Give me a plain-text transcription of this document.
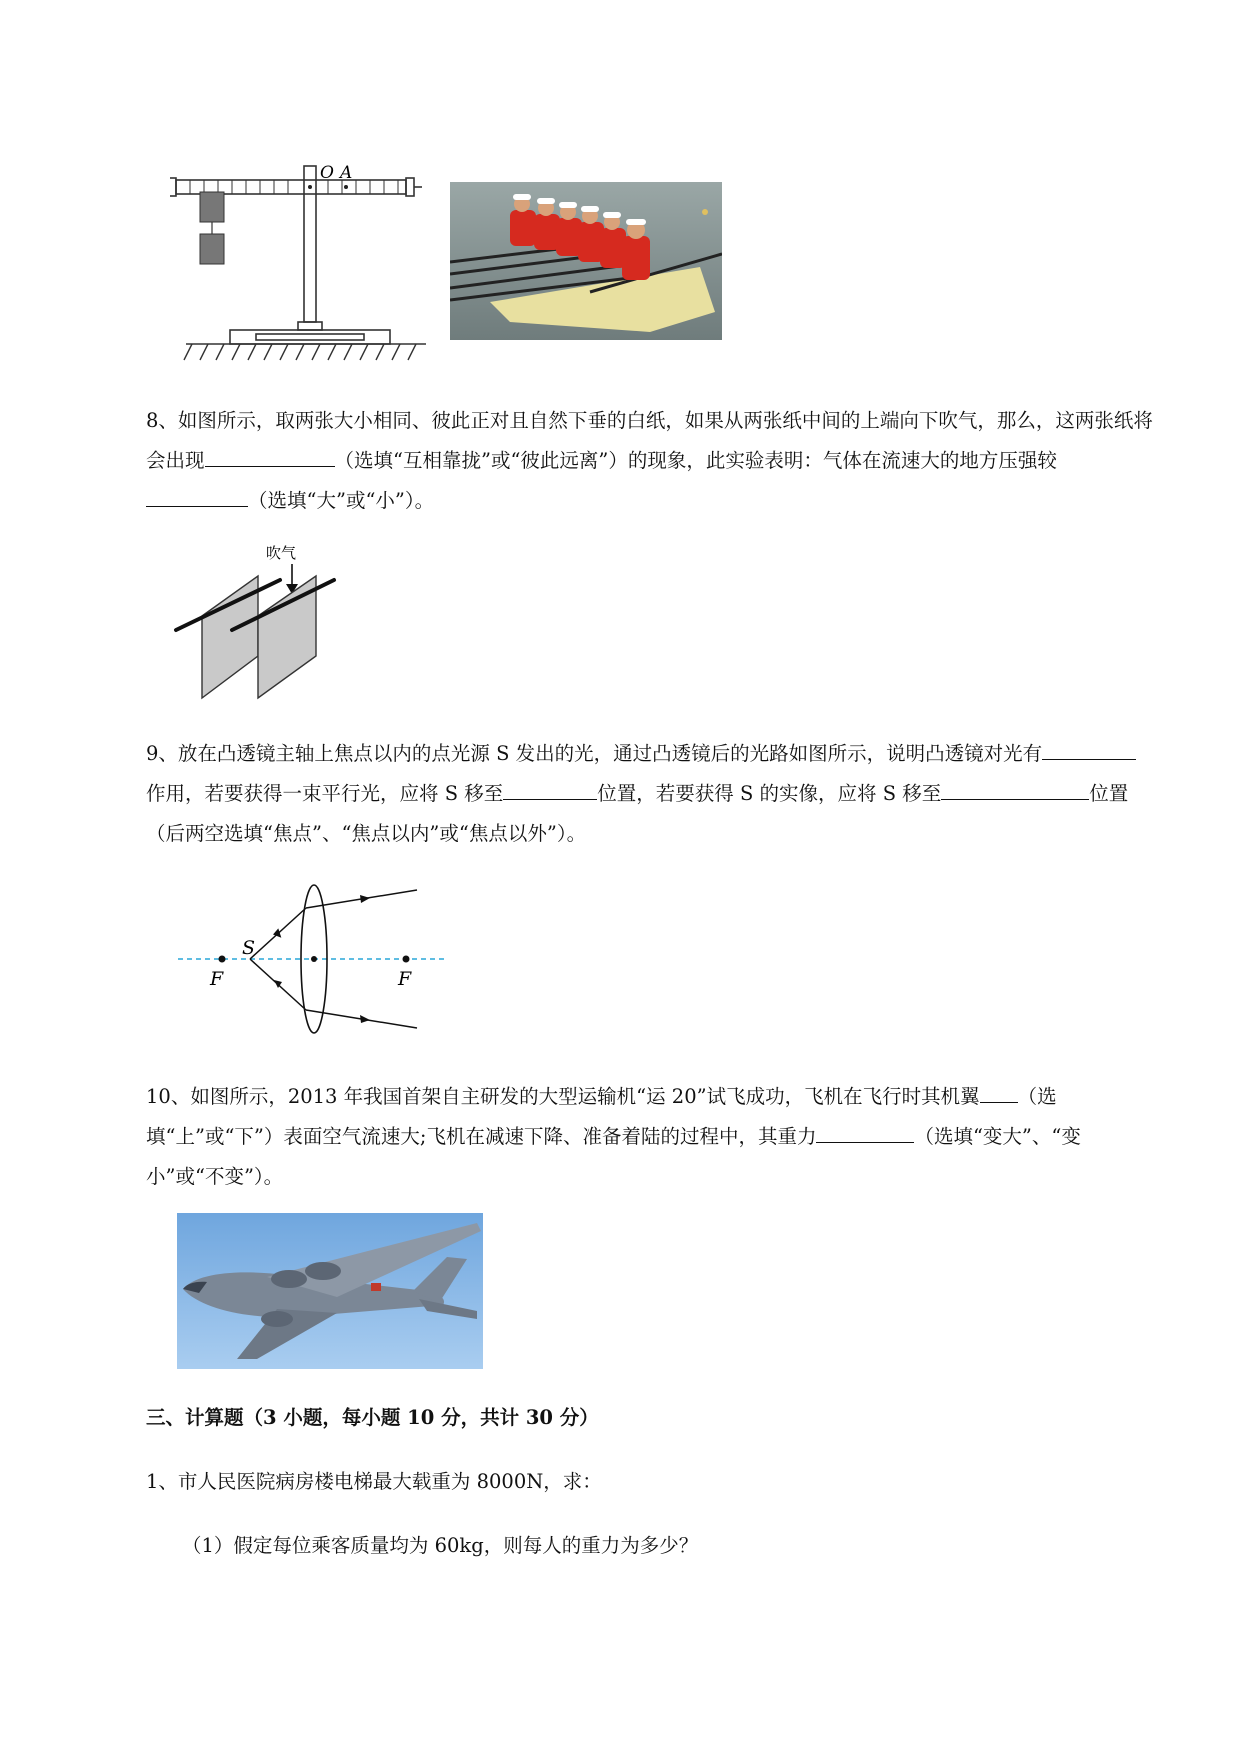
O A
8、如图所示，取两张大小相同、彼此正对且自然下垂的白纸，如果从两张纸中间的上端向下吹气，那么，这两张纸将会出现	（选填“互相靠拢”或“彼此远离”）的现象，此实验表明：气体在流速大的地方压强较（选填“大”或“小”）。
吹气
9、放在凸透镜主轴上焦点以内的点光源 S 发出的光，通过凸透镜后的光路如图所示，说明凸透镜对光有作用，若要获得一束平行光，应将 S 移至	位置，若要获得 S 的实像，应将 S 移至	位置（后两空选填“焦点”、“焦点以内”或“焦点以外”）。
S
F	F
10、如图所示，2013 年我国首架自主研发的大型运输机“运 20”试飞成功，飞机在飞行时其机翼 （选填“上”或“下”）表面空气流速大;飞机在减速下降、准备着陆的过程中，其重力	（选填“变大”、“变小”或“不变”）。
三、计算题（3 小题，每小题 10 分，共计 30 分）
1、市人民医院病房楼电梯最大载重为 8000N，求：
（1）假定每位乘客质量均为 60kg，则每人的重力为多少？
